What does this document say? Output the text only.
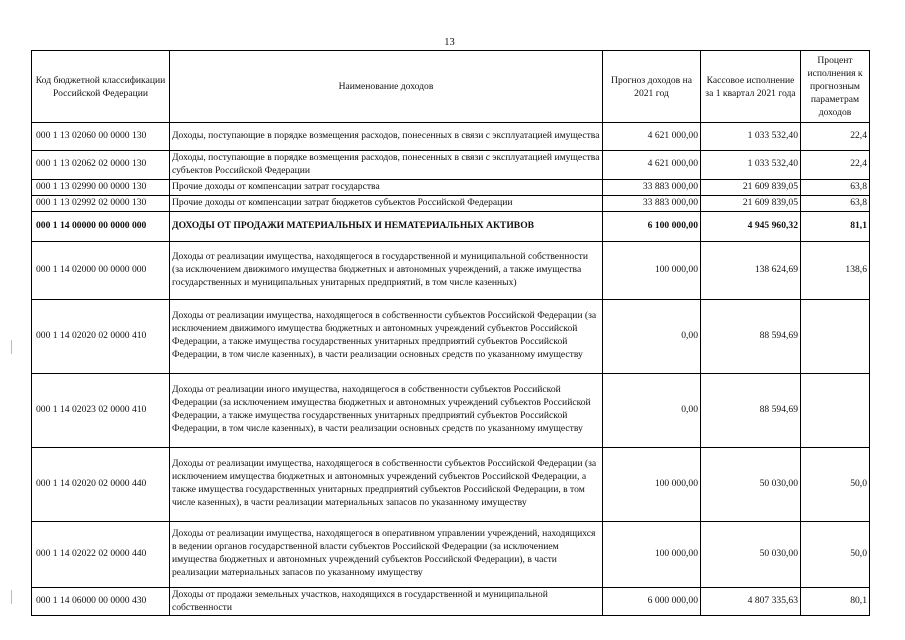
13
Код бюджетной классификации Российской Федерации	Наименование доходов	Прогноз доходов на 2021 год	Кассовое исполнение за 1 квартал 2021 года	Процент исполнения к прогнозным параметрам доходов
000 1 13 02060 00 0000 130	Доходы, поступающие в порядке возмещения расходов, понесенных в связи с эксплуатацией имущества	4 621 000,00	1 033 532,40	22,4
000 1 13 02062 02 0000 130	Доходы, поступающие в порядке возмещения расходов, понесенных в связи с эксплуатацией имущества субъектов Российской Федерации	4 621 000,00	1 033 532,40	22,4
000 1 13 02990 00 0000 130	Прочие доходы от компенсации затрат государства	33 883 000,00	21 609 839,05	63,8
000 1 13 02992 02 0000 130	Прочие доходы от компенсации затрат бюджетов субъектов Российской Федерации	33 883 000,00	21 609 839,05	63,8
000 1 14 00000 00 0000 000	ДОХОДЫ ОТ ПРОДАЖИ МАТЕРИАЛЬНЫХ И НЕМАТЕРИАЛЬНЫХ АКТИВОВ	6 100 000,00	4 945 960,32	81,1
000 1 14 02000 00 0000 000	Доходы от реализации имущества, находящегося в государственной и муниципальной собственности (за исключением движимого имущества бюджетных и автономных учреждений, а также имущества государственных и муниципальных унитарных предприятий, в том числе казенных)	100 000,00	138 624,69	138,6
000 1 14 02020 02 0000 410	Доходы от реализации имущества, находящегося в собственности субъектов Российской Федерации (за исключением движимого имущества бюджетных и автономных учреждений субъектов Российской Федерации, а также имущества государственных унитарных предприятий субъектов Российской Федерации, в том числе казенных), в части реализации основных средств по указанному имуществу	0,00	88 594,69	
000 1 14 02023 02 0000 410	Доходы от реализации иного имущества, находящегося в собственности субъектов Российской Федерации (за исключением имущества бюджетных и автономных учреждений субъектов Российской Федерации, а также имущества государственных унитарных предприятий субъектов Российской Федерации, в том числе казенных), в части реализации основных средств по указанному имуществу	0,00	88 594,69	
000 1 14 02020 02 0000 440	Доходы от реализации имущества, находящегося в собственности субъектов Российской Федерации (за исключением имущества бюджетных и автономных учреждений субъектов Российской Федерации, а также имущества государственных унитарных предприятий субъектов Российской Федерации, в том числе казенных), в части реализации материальных запасов по указанному имуществу	100 000,00	50 030,00	50,0
000 1 14 02022 02 0000 440	Доходы от реализации имущества, находящегося в оперативном управлении учреждений, находящихся в ведении органов государственной власти субъектов Российской Федерации (за исключением имущества бюджетных и автономных учреждений субъектов Российской Федерации), в части реализации материальных запасов по указанному имуществу	100 000,00	50 030,00	50,0
000 1 14 06000 00 0000 430	Доходы от продажи земельных участков, находящихся в государственной и муниципальной собственности	6 000 000,00	4 807 335,63	80,1
